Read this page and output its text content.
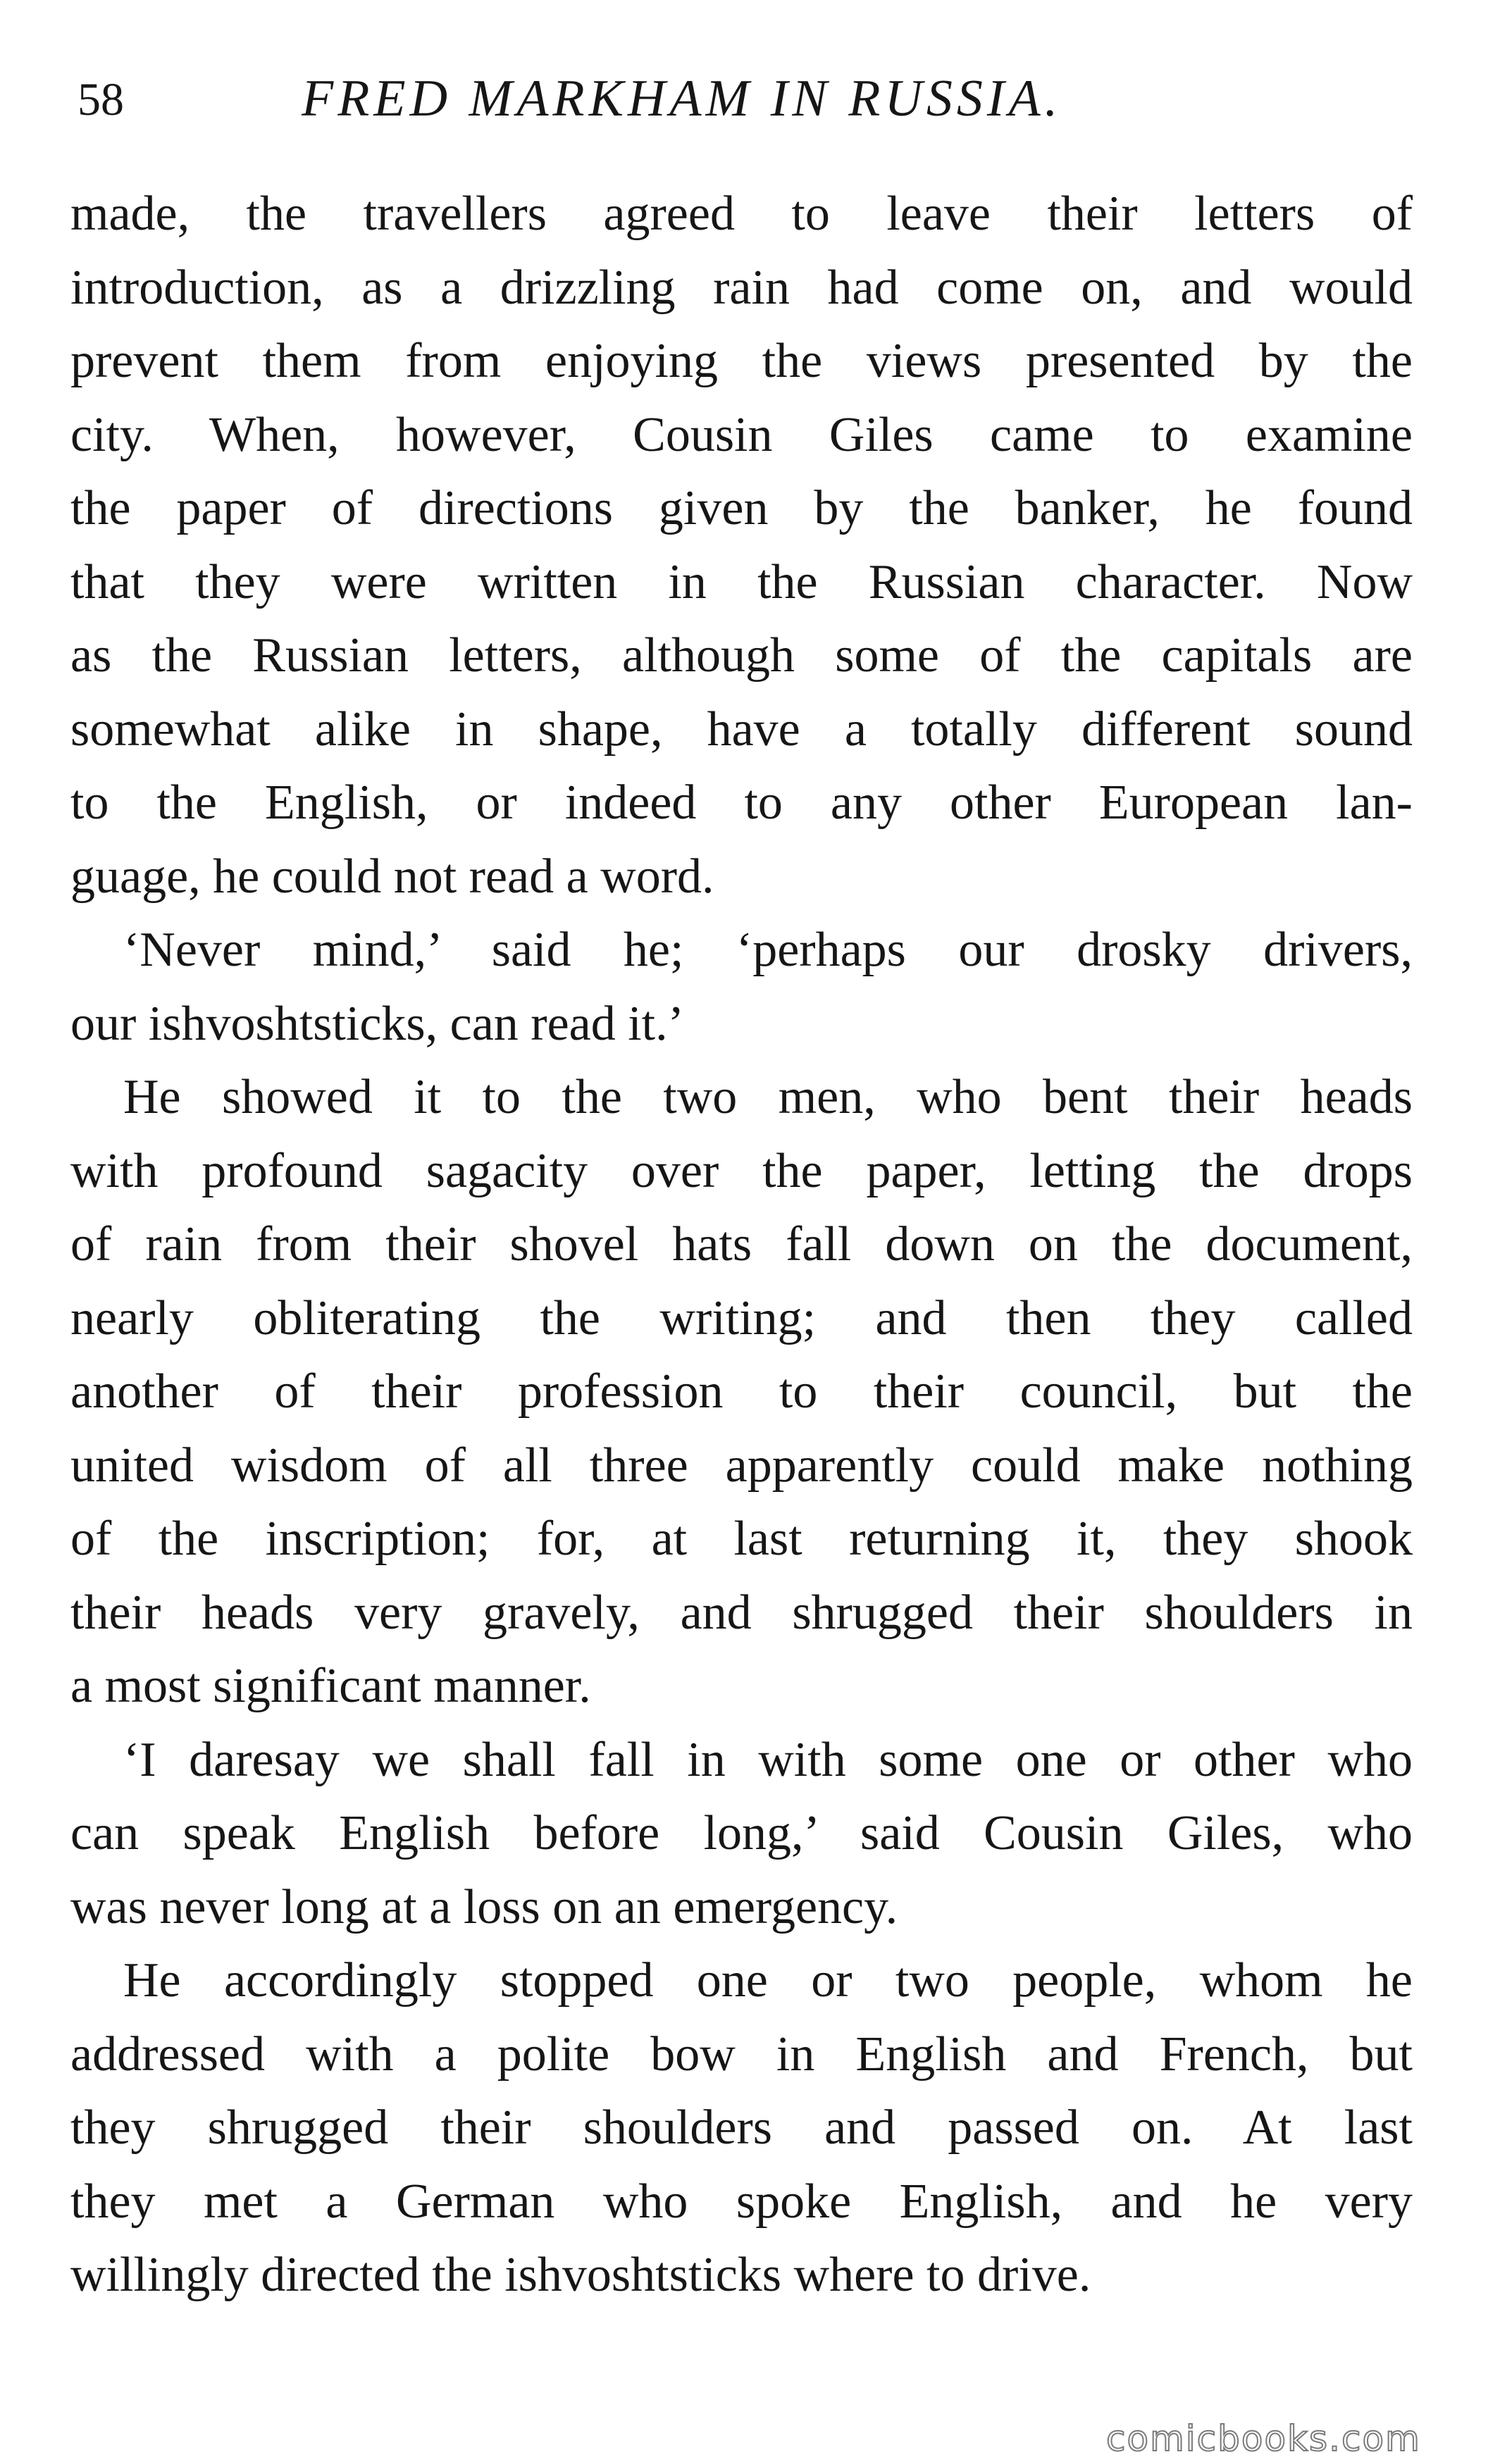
58	FRED MARKHAM IN RUSSIA.
made, the travellers agreed to leave their letters of
introduction, as a drizzling rain had come on, and would
prevent them from enjoying the views presented by the
city. When, however, Cousin Giles came to examine
the paper of directions given by the banker, he found
that they were written in the Russian character. Now
as the Russian letters, although some of the capitals are
somewhat alike in shape, have a totally different sound
to the English, or indeed to any other European lan-
guage, he could not read a word.
‘Never mind,’ said he; ‘perhaps our drosky drivers,
our ishvoshtsticks, can read it.’
He showed it to the two men, who bent their heads
with profound sagacity over the paper, letting the drops
of rain from their shovel hats fall down on the document,
nearly obliterating the writing; and then they called
another of their profession to their council, but the
united wisdom of all three apparently could make nothing
of the inscription; for, at last returning it, they shook
their heads very gravely, and shrugged their shoulders in
a most significant manner.
‘I daresay we shall fall in with some one or other who
can speak English before long,’ said Cousin Giles, who
was never long at a loss on an emergency.
He accordingly stopped one or two people, whom he
addressed with a polite bow in English and French, but
they shrugged their shoulders and passed on. At last
they met a German who spoke English, and he very
willingly directed the ishvoshtsticks where to drive.
comicbooks.com
